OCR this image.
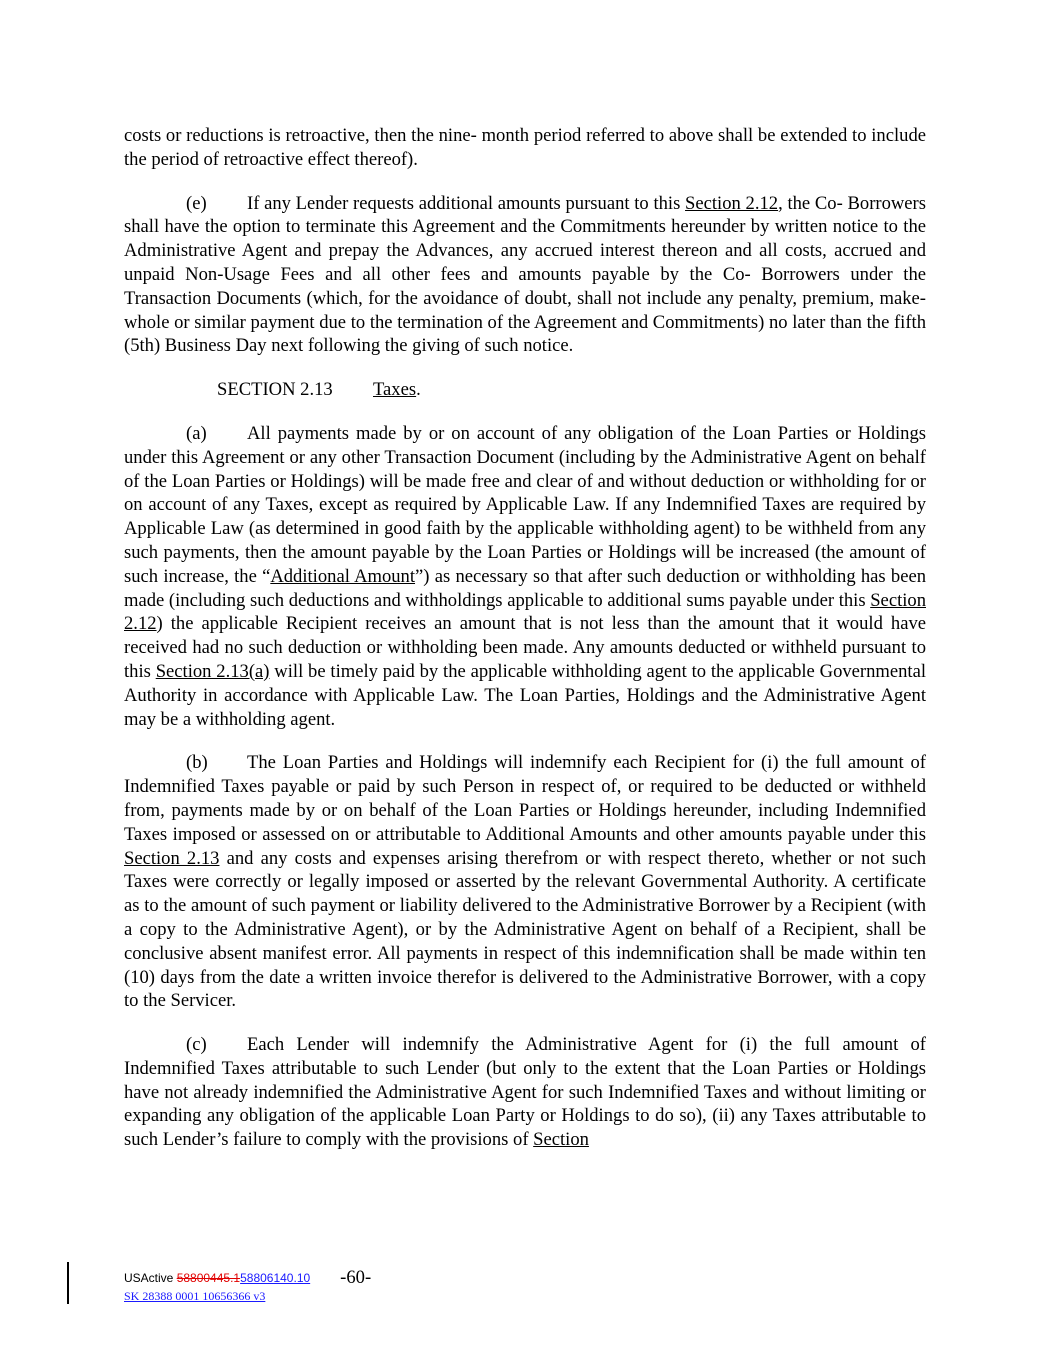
costs or reductions is retroactive, then the nine- month period referred to above shall be extended to include the period of retroactive effect thereof).

(e) If any Lender requests additional amounts pursuant to this Section 2.12, the Co- Borrowers shall have the option to terminate this Agreement and the Commitments hereunder by written notice to the Administrative Agent and prepay the Advances, any accrued interest thereon and all costs, accrued and unpaid Non-Usage Fees and all other fees and amounts payable by the Co- Borrowers under the Transaction Documents (which, for the avoidance of doubt, shall not include any penalty, premium, make-whole or similar payment due to the termination of the Agreement and Commitments) no later than the fifth (5th) Business Day next following the giving of such notice.

SECTION 2.13 Taxes.

(a) All payments made by or on account of any obligation of the Loan Parties or Holdings under this Agreement or any other Transaction Document (including by the Administrative Agent on behalf of the Loan Parties or Holdings) will be made free and clear of and without deduction or withholding for or on account of any Taxes, except as required by Applicable Law. If any Indemnified Taxes are required by Applicable Law (as determined in good faith by the applicable withholding agent) to be withheld from any such payments, then the amount payable by the Loan Parties or Holdings will be increased (the amount of such increase, the “Additional Amount”) as necessary so that after such deduction or withholding has been made (including such deductions and withholdings applicable to additional sums payable under this Section 2.12) the applicable Recipient receives an amount that is not less than the amount that it would have received had no such deduction or withholding been made. Any amounts deducted or withheld pursuant to this Section 2.13(a) will be timely paid by the applicable withholding agent to the applicable Governmental Authority in accordance with Applicable Law. The Loan Parties, Holdings and the Administrative Agent may be a withholding agent.

(b) The Loan Parties and Holdings will indemnify each Recipient for (i) the full amount of Indemnified Taxes payable or paid by such Person in respect of, or required to be deducted or withheld from, payments made by or on behalf of the Loan Parties or Holdings hereunder, including Indemnified Taxes imposed or assessed on or attributable to Additional Amounts and other amounts payable under this Section 2.13 and any costs and expenses arising therefrom or with respect thereto, whether or not such Taxes were correctly or legally imposed or asserted by the relevant Governmental Authority. A certificate as to the amount of such payment or liability delivered to the Administrative Borrower by a Recipient (with a copy to the Administrative Agent), or by the Administrative Agent on behalf of a Recipient, shall be conclusive absent manifest error. All payments in respect of this indemnification shall be made within ten (10) days from the date a written invoice therefor is delivered to the Administrative Borrower, with a copy to the Servicer.

(c) Each Lender will indemnify the Administrative Agent for (i) the full amount of Indemnified Taxes attributable to such Lender (but only to the extent that the Loan Parties or Holdings have not already indemnified the Administrative Agent for such Indemnified Taxes and without limiting or expanding any obligation of the applicable Loan Party or Holdings to do so), (ii) any Taxes attributable to such Lender’s failure to comply with the provisions of Section

USActive 58800445.158806140.10 -60-
SK 28388 0001 10656366 v3
